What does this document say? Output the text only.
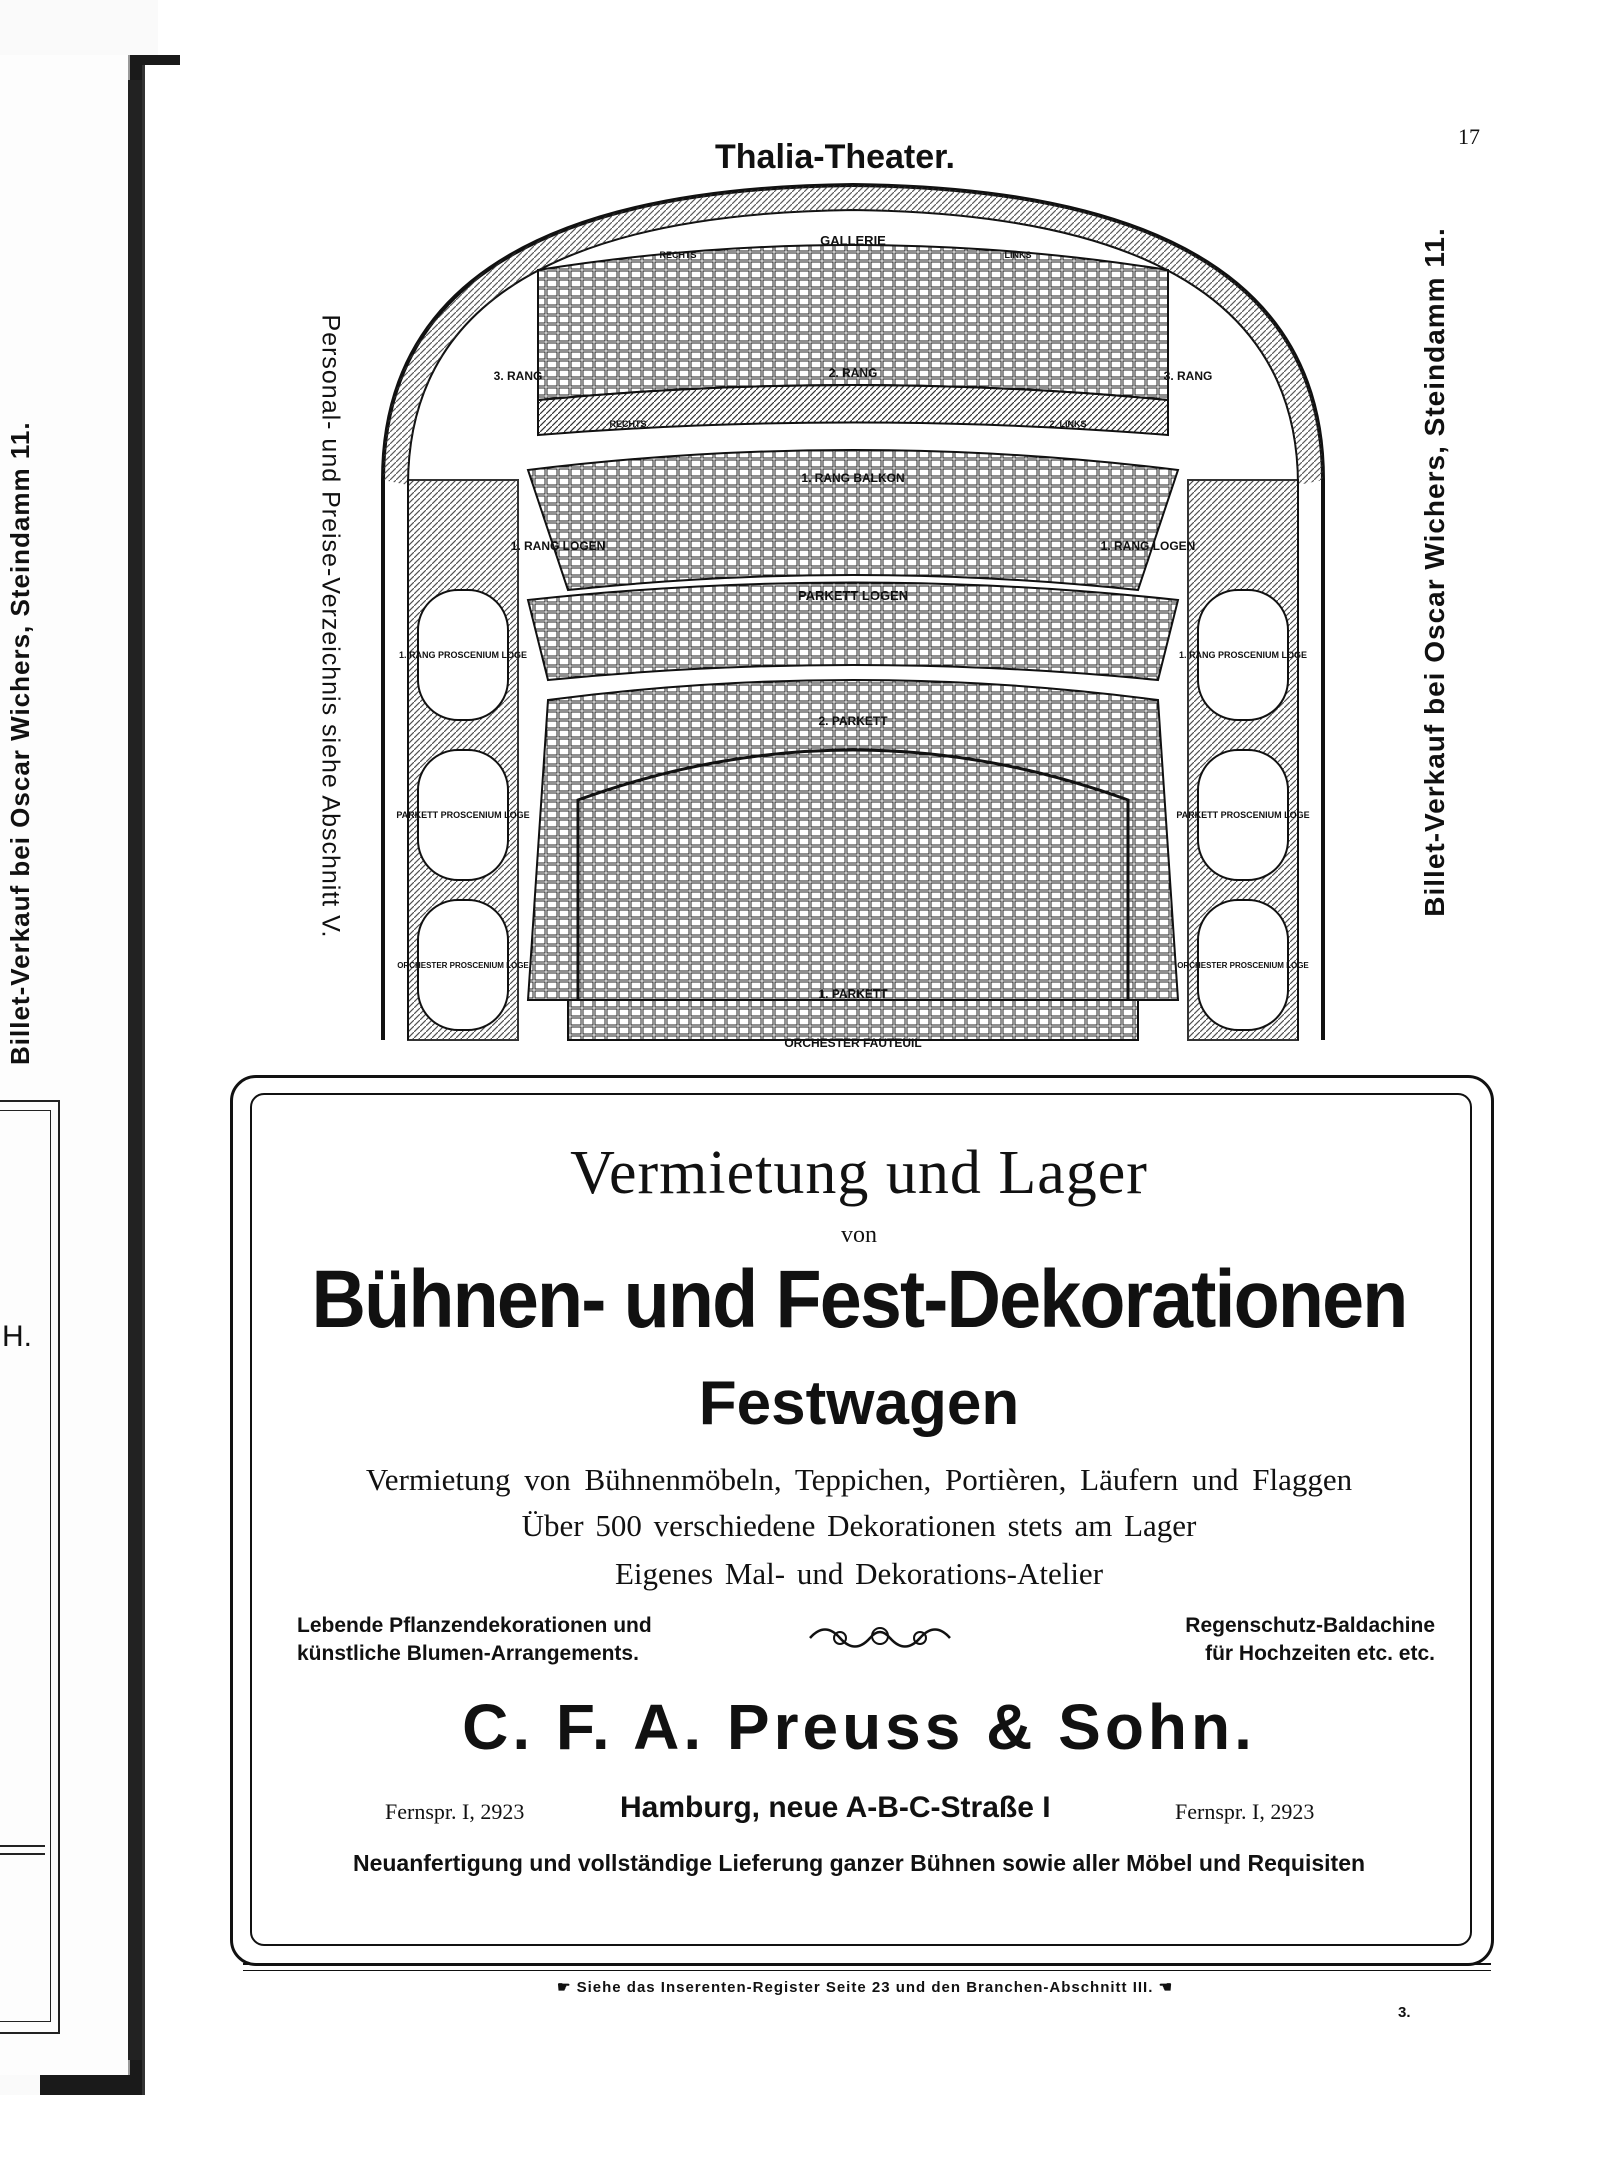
Billet-Verkauf bei Oscar Wichers, Steindamm 11.
H.
Thalia-Theater.
17
Personal- und Preise-Verzeichnis siehe Abschnitt V.	Billet-Verkauf bei Oscar Wichers, Steindamm 11.
GALLERIE
RECHTS	LINKS
3. RANG	3. RANG
2. RANG
RECHTS	2. LINKS
1. RANG BALKON
1. RANG LOGEN	1. RANG LOGEN
PARKETT LOGEN
2. PARKETT
1. PARKETT
ORCHESTER FAUTEUIL
1. RANG PROSCENIUM LOGE
PARKETT PROSCENIUM LOGE
ORCHESTER PROSCENIUM LOGE
1. RANG PROSCENIUM LOGE
PARKETT PROSCENIUM LOGE
ORCHESTER PROSCENIUM LOGE
Vermietung und Lager
von
Bühnen- und Fest-Dekorationen
Festwagen
Vermietung von Bühnenmöbeln, Teppichen, Portièren, Läufern und Flaggen
Über 500 verschiedene Dekorationen stets am Lager
Eigenes Mal- und Dekorations-Atelier
Lebende Pflanzendekorationen und
künstliche Blumen-Arrangements.
Regenschutz-Baldachine
für Hochzeiten etc. etc.
C. F. A. Preuss & Sohn.
Fernspr. I, 2923	Hamburg, neue A-B-C-Straße I	Fernspr. I, 2923
Neuanfertigung und vollständige Lieferung ganzer Bühnen sowie aller Möbel und Requisiten
☛ Siehe das Inserenten-Register Seite 23 und den Branchen-Abschnitt III. ☚
3.
